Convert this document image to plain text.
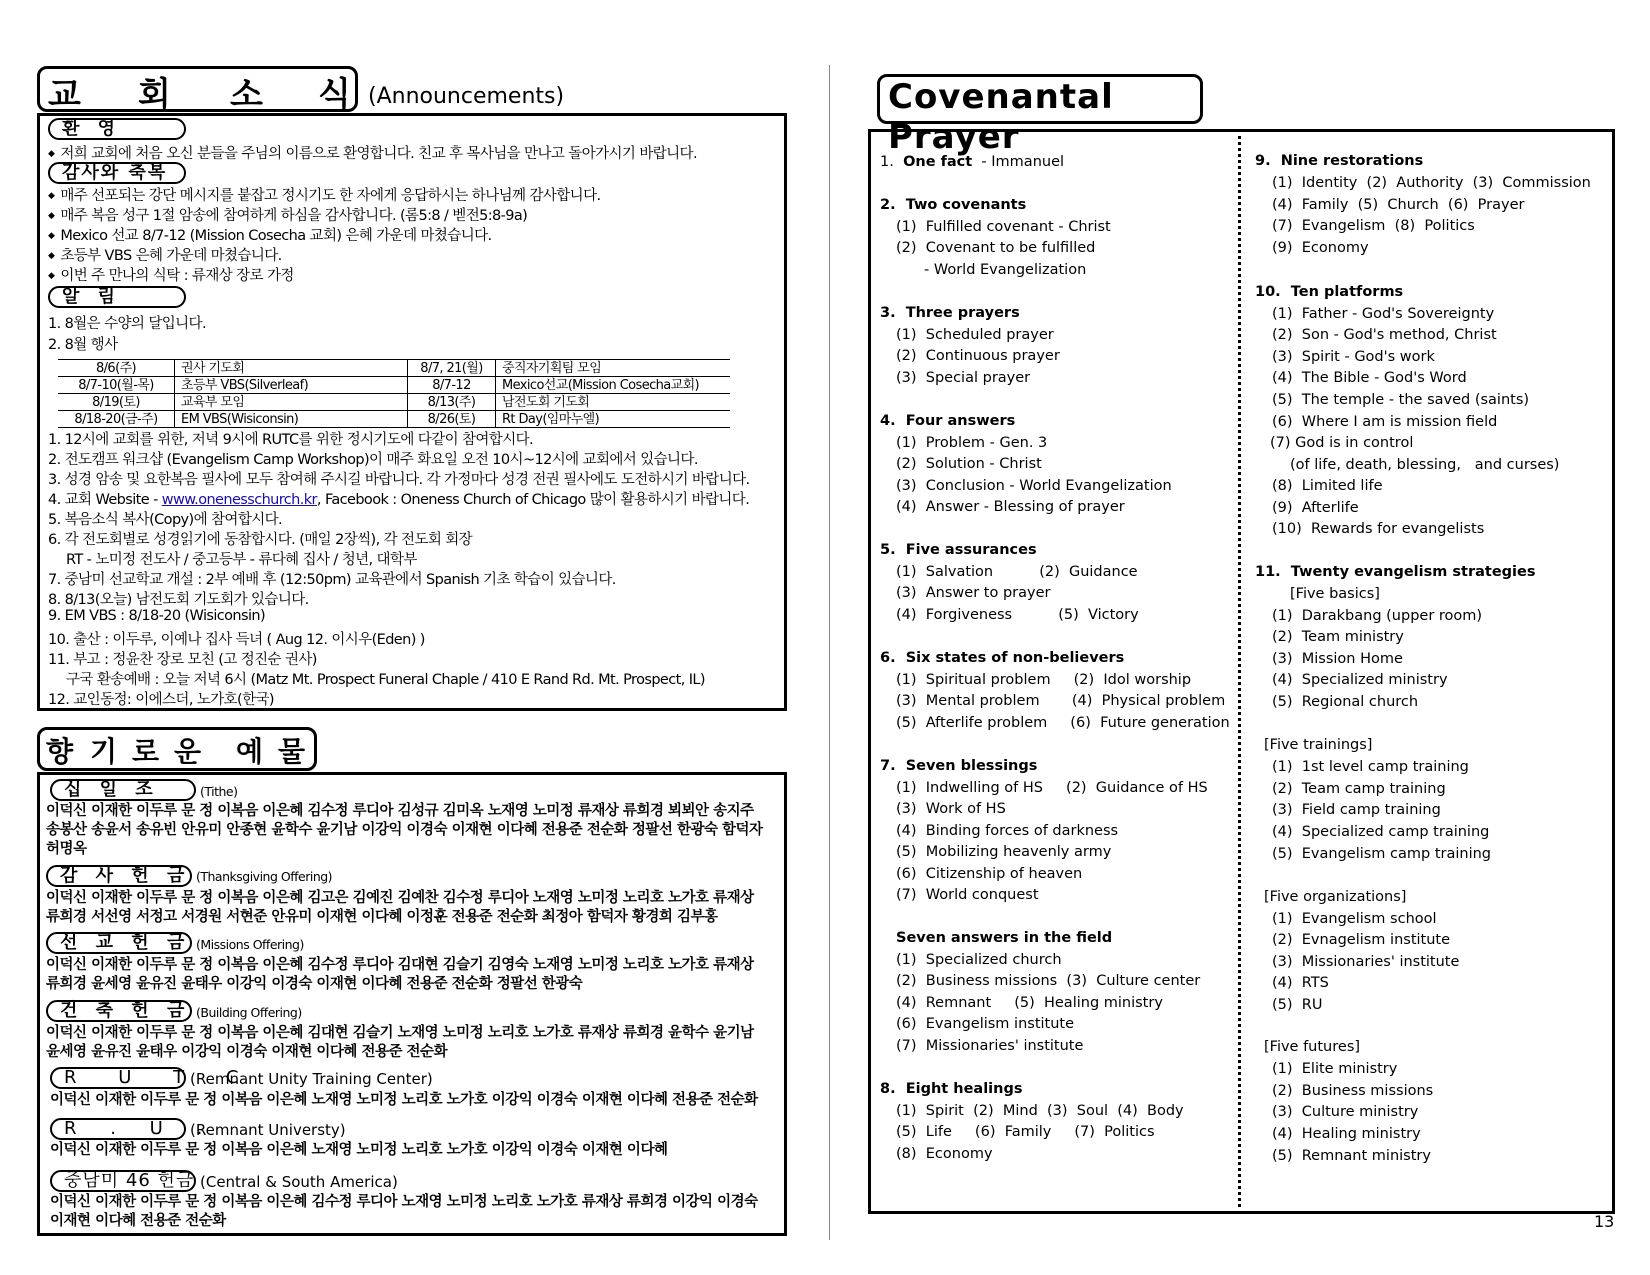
교 회 소 식 (Announcements)
환 영
◆ 저희 교회에 처음 오신 분들을 주님의 이름으로 환영합니다. 친교 후 목사님을 만나고 돌아가시기 바랍니다.
감사와 축복
◆ 매주 선포되는 강단 메시지를 붙잡고 정시기도 한 자에게 응답하시는 하나님께 감사합니다.
◆ 매주 복음 성구 1절 암송에 참여하게 하심을 감사합니다. (롬5:8 / 벧전5:8-9a)
◆ Mexico 선교 8/7-12 (Mission Cosecha 교회) 은혜 가운데 마쳤습니다.
◆ 초등부 VBS 은혜 가운데 마쳤습니다.
◆ 이번 주 만나의 식탁 : 류재상 장로 가정
알 림
1. 8월은 수양의 달입니다.
2. 8월 행사
8/6(주)	권사 기도회	8/7, 21(월)	중직자기획팀 모임
8/7-10(월-목)	초등부 VBS(Silverleaf)	8/7-12	Mexico선교(Mission Cosecha교회)
8/19(토)	교육부 모임	8/13(주)	남전도회 기도회
8/18-20(금-주)	EM VBS(Wisiconsin)	8/26(토)	Rt Day(임마누엘)
1. 12시에 교회를 위한, 저녁 9시에 RUTC를 위한 정시기도에 다같이 참여합시다.
2. 전도캠프 워크샵 (Evangelism Camp Workshop)이 매주 화요일 오전 10시~12시에 교회에서 있습니다.
3. 성경 암송 및 요한복음 필사에 모두 참여해 주시길 바랍니다. 각 가정마다 성경 전권 필사에도 도전하시기 바랍니다.
4. 교회 Website - www.onenesschurch.kr, Facebook : Oneness Church of Chicago 많이 활용하시기 바랍니다.
5. 복음소식 복사(Copy)에 참여합시다.
6. 각 전도회별로 성경읽기에 동참합시다. (매일 2장씩), 각 전도회 회장
RT - 노미정 전도사 / 중고등부 - 류다혜 집사 / 청년, 대학부
7. 중남미 선교학교 개설 : 2부 예배 후 (12:50pm) 교육관에서 Spanish 기초 학습이 있습니다.
8. 8/13(오늘) 남전도회 기도회가 있습니다.
9. EM VBS : 8/18-20 (Wisiconsin)
10. 출산 : 이두루, 이예나 집사 득녀 ( Aug 12. 이시우(Eden) )
11. 부고 : 정윤찬 장로 모친 (고 정진순 권사)
구국 환송예배 : 오늘 저녁 6시 (Matz Mt. Prospect Funeral Chaple / 410 E Rand Rd. Mt. Prospect, IL)
12. 교인동정: 이에스더, 노가호(한국)
향 기 로 운 예 물
십 일 조	(Tithe)
이덕신 이재한 이두루 문 정 이복음 이은혜 김수정 루디아 김성규 김미옥 노재영 노미정 류재상 류희경 뵈뵈안 송지주
송봉산 송윤서 송유빈 안유미 안종현 윤학수 윤기남 이강익 이경숙 이재현 이다혜 전용준 전순화 정팔선 한광숙 함덕자
허명옥
감 사 헌 금 (Thanksgiving Offering)
이덕신 이재한 이두루 문 정 이복음 이은혜 김고은 김예진 김예찬 김수정 루디아 노재영 노미정 노리호 노가호 류재상
류희경 서선영 서정고 서경원 서현준 안유미 이재현 이다혜 이정훈 전용준 전순화 최정아 함덕자 황경희 김부홍
선 교 헌 금 (Missions Offering)
이덕신 이재한 이두루 문 정 이복음 이은혜 김수정 루디아 김대현 김슬기 김영숙 노재영 노미정 노리호 노가호 류재상
류희경 윤세영 윤유진 윤태우 이강익 이경숙 이재현 이다혜 전용준 전순화 정팔선 한광숙
건 축 헌 금 (Building Offering)
이덕신 이재한 이두루 문 정 이복음 이은혜 김대현 김슬기 노재영 노미정 노리호 노가호 류재상 류희경 윤학수 윤기남
윤세영 윤유진 윤태우 이강익 이경숙 이재현 이다혜 전용준 전순화
R U T C
(Remnant Unity Training Center)
이덕신 이재한 이두루 문 정 이복음 이은혜 노재영 노미정 노리호 노가호 이강익 이경숙 이재현 이다혜 전용준 전순화
R . U .
(Remnant Universty)
이덕신 이재한 이두루 문 정 이복음 이은혜 노재영 노미정 노리호 노가호 이강익 이경숙 이재현 이다혜
중남미 46 헌금 (Central & South America)
이덕신 이재한 이두루 문 정 이복음 이은혜 김수정 루디아 노재영 노미정 노리호 노가호 류재상 류희경 이강익 이경숙
이재현 이다혜 전용준 전순화
Covenantal Prayer
13
1.  One fact  - Immanuel
2.  Two covenants
(1)  Fulfilled covenant - Christ
(2)  Covenant to be fulfilled
- World Evangelization
3.  Three prayers
(1)  Scheduled prayer
(2)  Continuous prayer
(3)  Special prayer
4.  Four answers
(1)  Problem - Gen. 3
(2)  Solution - Christ
(3)  Conclusion - World Evangelization
(4)  Answer - Blessing of prayer
5.  Five assurances
(1)  Salvation          (2)  Guidance
(3)  Answer to prayer
(4)  Forgiveness          (5)  Victory
6.  Six states of non-believers
(1)  Spiritual problem     (2)  Idol worship
(3)  Mental problem       (4)  Physical problem
(5)  Afterlife problem     (6)  Future generation
7.  Seven blessings
(1)  Indwelling of HS     (2)  Guidance of HS
(3)  Work of HS
(4)  Binding forces of darkness
(5)  Mobilizing heavenly army
(6)  Citizenship of heaven
(7)  World conquest
Seven answers in the field
(1)  Specialized church
(2)  Business missions  (3)  Culture center
(4)  Remnant     (5)  Healing ministry
(6)  Evangelism institute
(7)  Missionaries' institute
8.  Eight healings
(1)  Spirit  (2)  Mind  (3)  Soul  (4)  Body
(5)  Life     (6)  Family     (7)  Politics
(8)  Economy
9.  Nine restorations
(1)  Identity  (2)  Authority  (3)  Commission
(4)  Family  (5)  Church  (6)  Prayer
(7)  Evangelism  (8)  Politics
(9)  Economy
10.  Ten platforms
(1)  Father - God's Sovereignty
(2)  Son - God's method, Christ
(3)  Spirit - God's work
(4)  The Bible - God's Word
(5)  The temple - the saved (saints)
(6)  Where I am is mission field
(7) God is in control
(of life, death, blessing,   and curses)
(8)  Limited life
(9)  Afterlife
(10)  Rewards for evangelists
11.  Twenty evangelism strategies
[Five basics]
(1)  Darakbang (upper room)
(2)  Team ministry
(3)  Mission Home
(4)  Specialized ministry
(5)  Regional church
[Five trainings]
(1)  1st level camp training
(2)  Team camp training
(3)  Field camp training
(4)  Specialized camp training
(5)  Evangelism camp training
[Five organizations]
(1)  Evangelism school
(2)  Evnagelism institute
(3)  Missionaries' institute
(4)  RTS
(5)  RU
[Five futures]
(1)  Elite ministry
(2)  Business missions
(3)  Culture ministry
(4)  Healing ministry
(5)  Remnant ministry
